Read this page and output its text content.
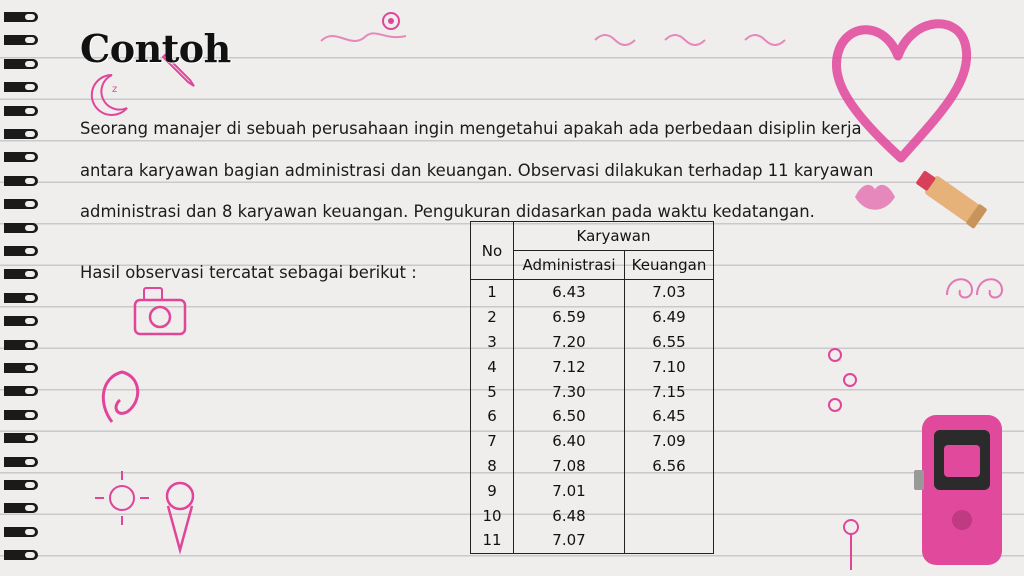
z
Contoh

Seorang manajer di sebuah perusahaan ingin mengetahui apakah ada perbedaan disiplin kerja antara karyawan bagian administrasi dan keuangan. Observasi dilakukan terhadap 11 karyawan administrasi dan 8 karyawan keuangan. Pengukuran didasarkan pada waktu kedatangan.

Hasil observasi tercatat sebagai berikut :

No	Karyawan	
	Administrasi	Keuangan
1	6.43	7.03
2	6.59	6.49
3	7.20	6.55
4	7.12	7.10
5	7.30	7.15
6	6.50	6.45
7	6.40	7.09
8	7.08	6.56
9	7.01	
10	6.48	
11	7.07	
